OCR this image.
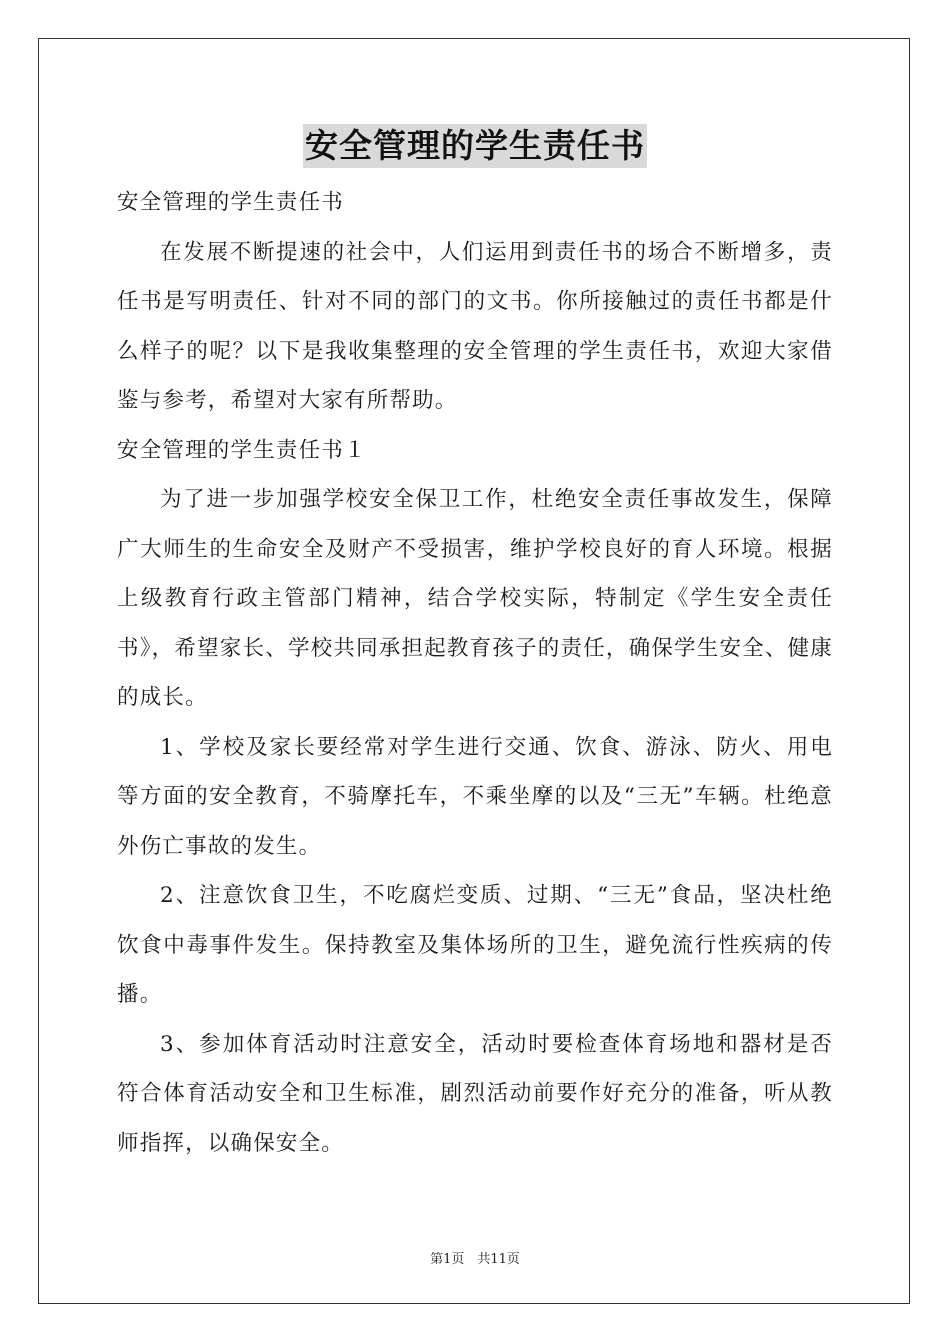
安全管理的学生责任书

安全管理的学生责任书

在发展不断提速的社会中，人们运用到责任书的场合不断增多，责任书是写明责任、针对不同的部门的文书。你所接触过的责任书都是什么样子的呢？以下是我收集整理的安全管理的学生责任书，欢迎大家借鉴与参考，希望对大家有所帮助。

安全管理的学生责任书１

为了进一步加强学校安全保卫工作，杜绝安全责任事故发生，保障广大师生的生命安全及财产不受损害，维护学校良好的育人环境。根据上级教育行政主管部门精神，结合学校实际，特制定《学生安全责任书》，希望家长、学校共同承担起教育孩子的责任，确保学生安全、健康的成长。

1、学校及家长要经常对学生进行交通、饮食、游泳、防火、用电等方面的安全教育，不骑摩托车，不乘坐摩的以及“三无”车辆。杜绝意外伤亡事故的发生。

2、注意饮食卫生，不吃腐烂变质、过期、“三无”食品，坚决杜绝饮食中毒事件发生。保持教室及集体场所的卫生，避免流行性疾病的传播。

3、参加体育活动时注意安全，活动时要检查体育场地和器材是否符合体育活动安全和卫生标准，剧烈活动前要作好充分的准备，听从教师指挥，以确保安全。

第1页　共11页
